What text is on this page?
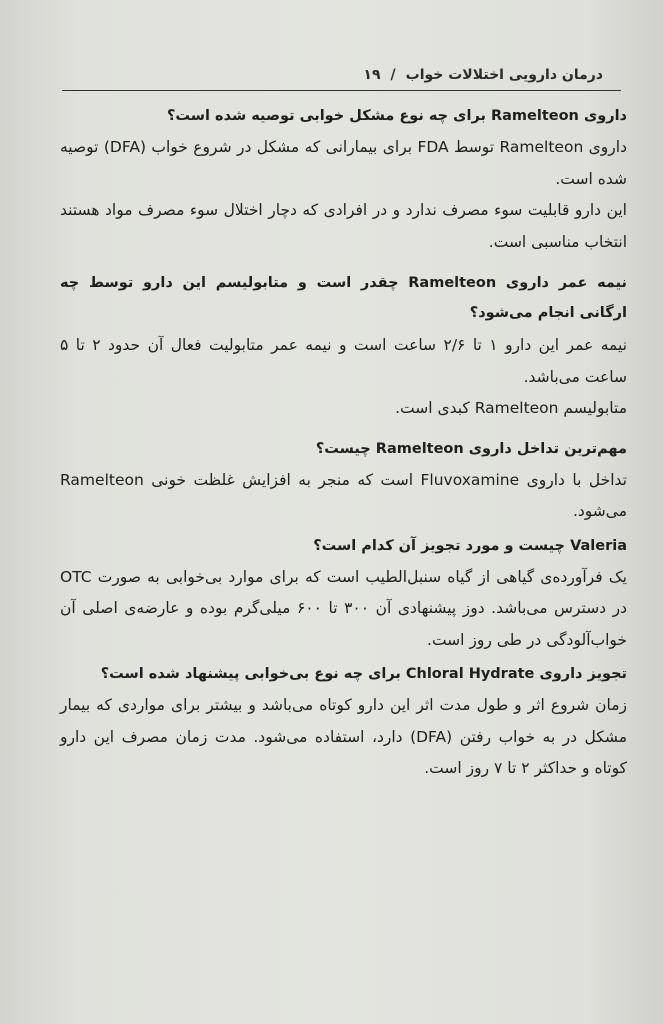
درمان دارویی اختلالات خواب
/
۱۹

داروی Ramelteon برای چه نوع مشکل خوابی توصیه شده است؟

داروی Ramelteon توسط FDA برای بیمارانی که مشکل در شروع خواب (DFA) توصیه شده است.

این دارو قابلیت سوء مصرف ندارد و در افرادی که دچار اختلال سوء مصرف مواد هستند انتخاب مناسبی است.

نیمه عمر داروی Ramelteon چقدر است و متابولیسم این دارو توسط چه ارگانی انجام می‌شود؟

نیمه عمر این دارو ۱ تا ۲/۶ ساعت است و نیمه عمر متابولیت فعال آن حدود ۲ تا ۵ ساعت می‌باشد.

متابولیسم Ramelteon کبدی است.

مهم‌ترین تداخل داروی Ramelteon چیست؟

تداخل با داروی Fluvoxamine است که منجر به افزایش غلظت خونی Ramelteon می‌شود.

Valeria چیست و مورد تجویز آن کدام است؟

یک فرآورده‌ی گیاهی از گیاه سنبل‌الطیب است که برای موارد بی‌خوابی به صورت OTC در دسترس می‌باشد. دوز پیشنهادی آن ۳۰۰ تا ۶۰۰ میلی‌گرم بوده و عارضه‌ی اصلی آن خواب‌آلودگی در طی روز است.

تجویز داروی Chloral Hydrate برای چه نوع بی‌خوابی پیشنهاد شده است؟

زمان شروع اثر و طول مدت اثر این دارو کوتاه می‌باشد و بیشتر برای مواردی که بیمار مشکل در به خواب رفتن (DFA) دارد، استفاده می‌شود. مدت زمان مصرف این دارو کوتاه و حداکثر ۲ تا ۷ روز است.
